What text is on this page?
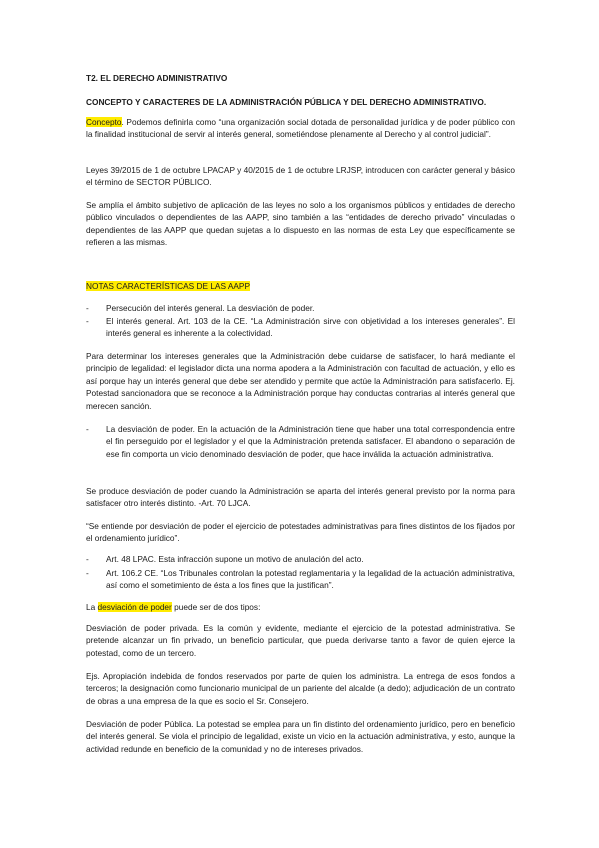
T2. EL DERECHO ADMINISTRATIVO

CONCEPTO Y CARACTERES DE LA ADMINISTRACIÓN PÚBLICA Y DEL DERECHO ADMINISTRATIVO.

Concepto. Podemos definirla como “una organización social dotada de personalidad jurídica y de poder público con la finalidad institucional de servir al interés general, sometiéndose plenamente al Derecho y al control judicial”.

Leyes 39/2015 de 1 de octubre LPACAP y 40/2015 de 1 de octubre LRJSP, introducen con carácter general y básico el término de SECTOR PÚBLICO.

Se amplía el ámbito subjetivo de aplicación de las leyes no solo a los organismos públicos y entidades de derecho público vinculados o dependientes de las AAPP, sino también a las “entidades de derecho privado” vinculadas o dependientes de las AAPP que quedan sujetas a lo dispuesto en las normas de esta Ley que específicamente se refieren a las mismas.

NOTAS CARACTERÍSTICAS DE LAS AAPP

-	Persecución del interés general. La desviación de poder.
-	El interés general. Art. 103 de la CE. “La Administración sirve con objetividad a los intereses generales”. El interés general es inherente a la colectividad.

Para determinar los intereses generales que la Administración debe cuidarse de satisfacer, lo hará mediante el principio de legalidad: el legislador dicta una norma apodera a la Administración con facultad de actuación, y ello es así porque hay un interés general que debe ser atendido y permite que actúe la Administración para satisfacerlo. Ej. Potestad sancionadora que se reconoce a la Administración porque hay conductas contrarias al interés general que merecen sanción.

-	La desviación de poder. En la actuación de la Administración tiene que haber una total correspondencia entre el fin perseguido por el legislador y el que la Administración pretenda satisfacer. El abandono o separación de ese fin comporta un vicio denominado desviación de poder, que hace inválida la actuación administrativa.

Se produce desviación de poder cuando la Administración se aparta del interés general previsto por la norma para satisfacer otro interés distinto. -Art. 70 LJCA.

“Se entiende por desviación de poder el ejercicio de potestades administrativas para fines distintos de los fijados por el ordenamiento jurídico”.

-	Art. 48 LPAC. Esta infracción supone un motivo de anulación del acto.
-	Art. 106.2 CE. “Los Tribunales controlan la potestad reglamentaria y la legalidad de la actuación administrativa, así como el sometimiento de ésta a los fines que la justifican”.

La desviación de poder puede ser de dos tipos:

Desviación de poder privada. Es la común y evidente, mediante el ejercicio de la potestad administrativa. Se pretende alcanzar un fin privado, un beneficio particular, que pueda derivarse tanto a favor de quien ejerce la potestad, como de un tercero.

Ejs. Apropiación indebida de fondos reservados por parte de quien los administra. La entrega de esos fondos a terceros; la designación como funcionario municipal de un pariente del alcalde (a dedo); adjudicación de un contrato de obras a una empresa de la que es socio el Sr. Consejero.

Desviación de poder Pública. La potestad se emplea para un fin distinto del ordenamiento jurídico, pero en beneficio del interés general. Se viola el principio de legalidad, existe un vicio en la actuación administrativa, y esto, aunque la actividad redunde en beneficio de la comunidad y no de intereses privados.
